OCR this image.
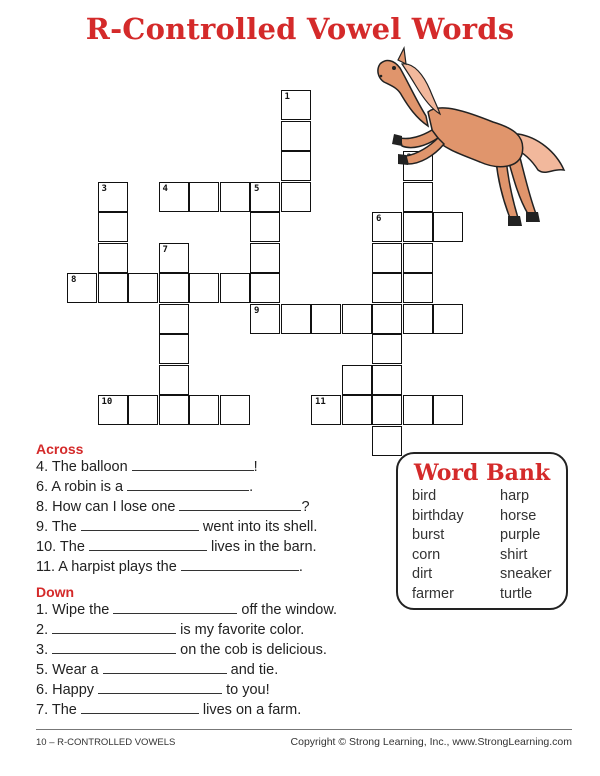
R-Controlled Vowel Words
1
3	4	5
9
6
7
8
10	11
Across
4. The balloon	!
6. A robin is a	.
8. How can I lose one	?
9. The	went into its shell.
10. The	lives in the barn.
11. A harpist plays the	.
Down
1. Wipe the	off the window.
2.	is my favorite color.
3.	on the cob is delicious.
5. Wear a	and tie.
6. Happy	to you!
7. The	lives on a farm.
Word Bank
bird
birthday
burst
corn
dirt
farmer
harp
horse
purple
shirt
sneaker
turtle
10 – R-CONTROLLED VOWELS	Copyright © Strong Learning, Inc., www.StrongLearning.com
